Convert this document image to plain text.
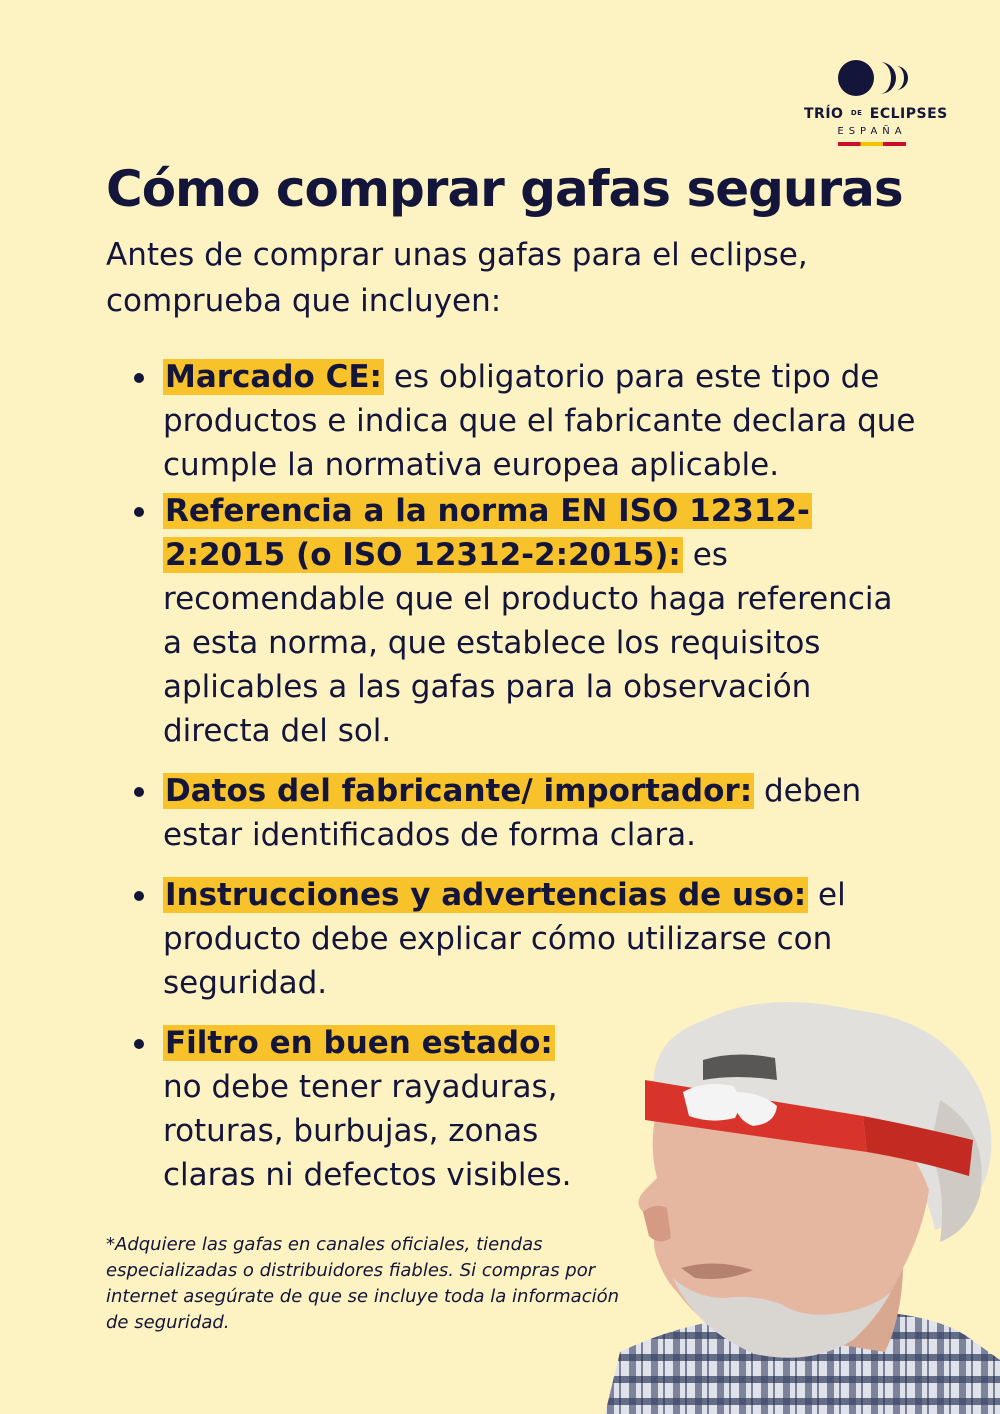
TRÍO $^{DE}$ ECLIPSES
ESPAÑA
Cómo comprar gafas seguras

Antes de comprar unas gafas para el eclipse, comprueba que incluyen:

Marcado CE: es obligatorio para este tipo de productos e indica que el fabricante declara que cumple la normativa europea aplicable.
Referencia a la norma EN ISO 12312-2:2015 (o ISO 12312-2:2015): es recomendable que el producto haga referencia a esta norma, que establece los requisitos aplicables a las gafas para la observación directa del sol.
Datos del fabricante/ importador: deben estar identificados de forma clara.
Instrucciones y advertencias de uso: el producto debe explicar cómo utilizarse con seguridad.
Filtro en buen estado:
no debe tener rayaduras,
roturas, burbujas, zonas
claras ni defectos visibles.

*Adquiere las gafas en canales oficiales, tiendas especializadas o distribuidores fiables. Si compras por internet asegúrate de que se incluye toda la información de seguridad.
